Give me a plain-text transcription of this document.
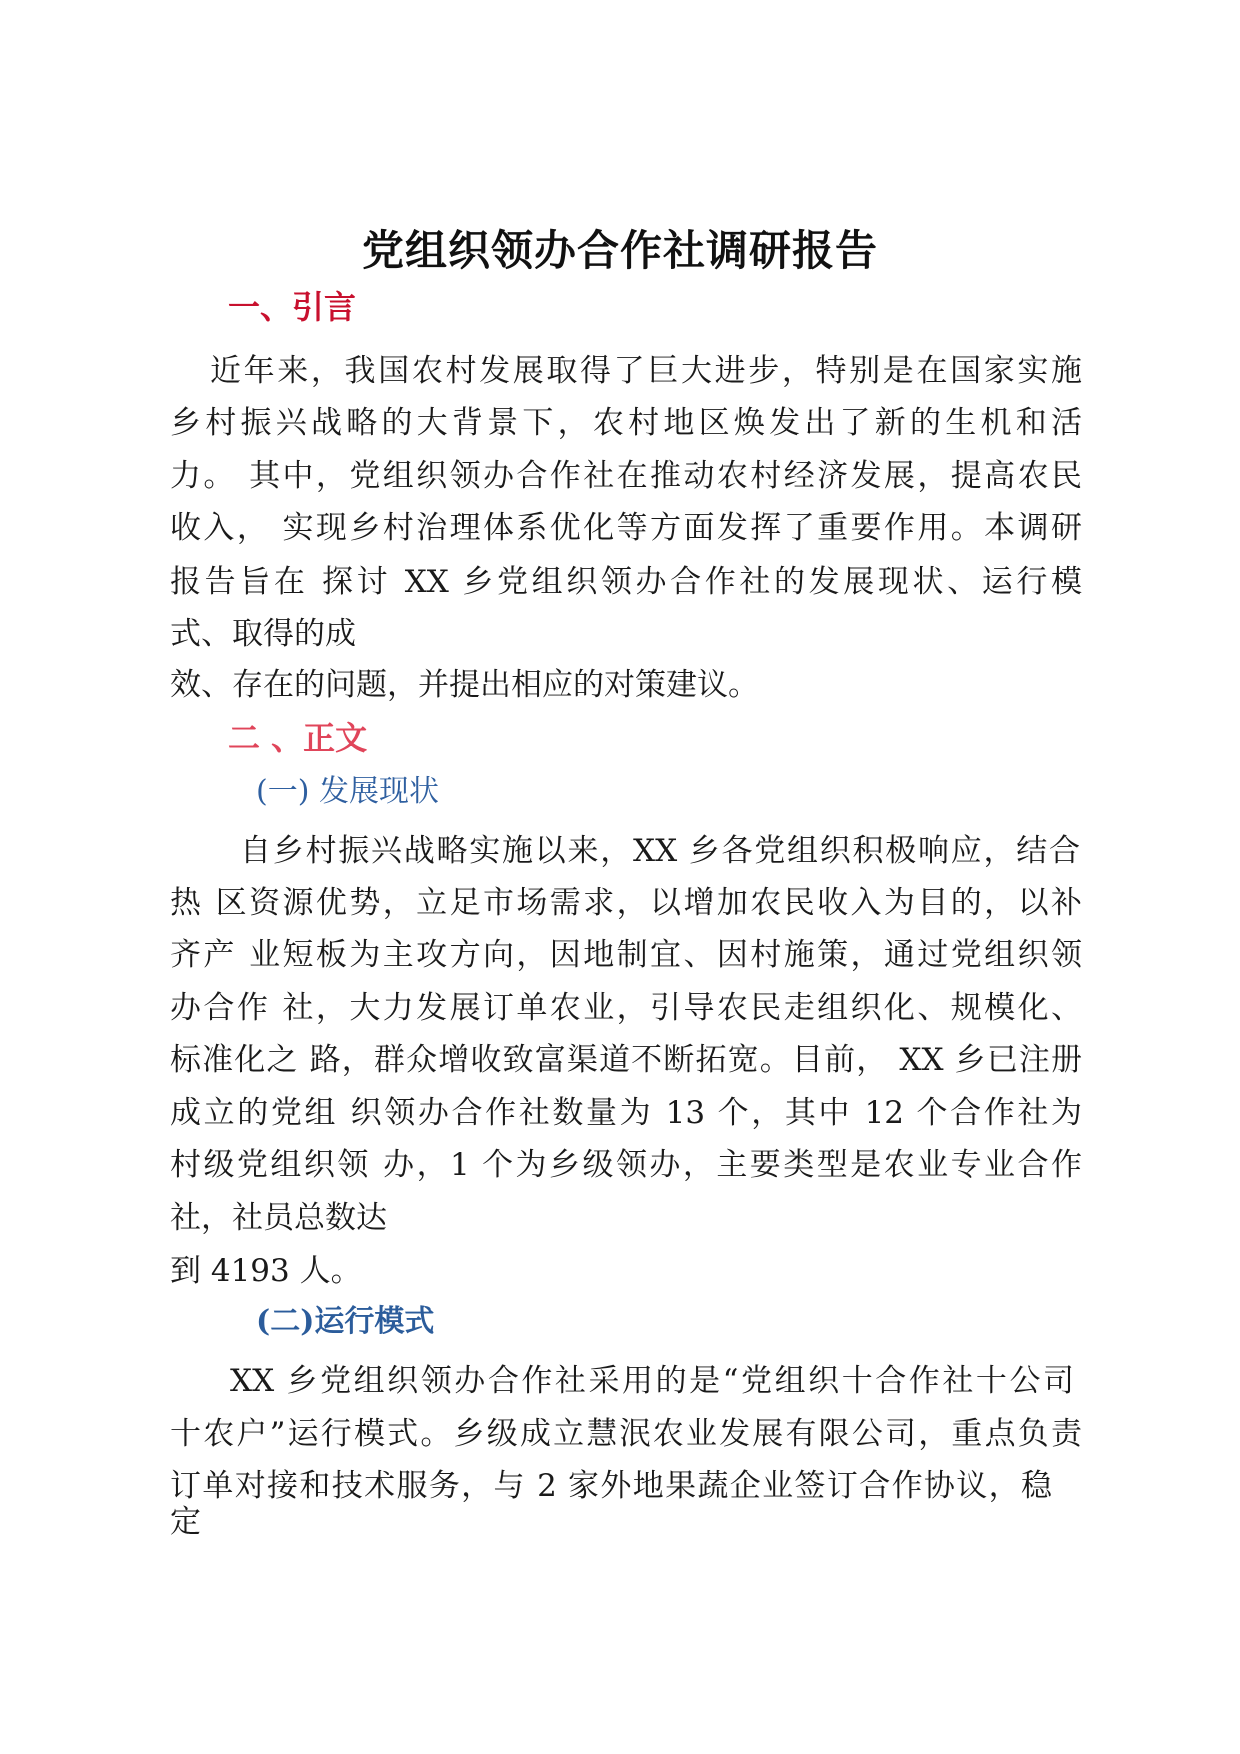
党组织领办合作社调研报告
一、引言
近年来，我国农村发展取得了巨大进步，特别是在国家实施
乡村振兴战略的大背景下，农村地区焕发出了新的生机和活
力。 其中，党组织领办合作社在推动农村经济发展，提高农民
收入， 实现乡村治理体系优化等方面发挥了重要作用。本调研
报告旨在 探讨 XX 乡党组织领办合作社的发展现状、运行模
式、取得的成
效、存在的问题，并提出相应的对策建议。
二 、正文
(一) 发展现状
自乡村振兴战略实施以来，XX 乡各党组织积极响应，结合
热 区资源优势，立足市场需求，以增加农民收入为目的，以补
齐产 业短板为主攻方向，因地制宜、因村施策，通过党组织领
办合作 社，大力发展订单农业，引导农民走组织化、规模化、
标准化之 路，群众增收致富渠道不断拓宽。目前， XX 乡已注册
成立的党组 织领办合作社数量为 13 个，其中 12 个合作社为
村级党组织领 办，1 个为乡级领办，主要类型是农业专业合作
社，社员总数达
到 4193 人。
(二)运行模式
XX 乡党组织领办合作社采用的是“党组织十合作社十公司
十农户”运行模式。乡级成立慧泯农业发展有限公司，重点负责
订单对接和技术服务，与 2 家外地果蔬企业签订合作协议，稳
定
